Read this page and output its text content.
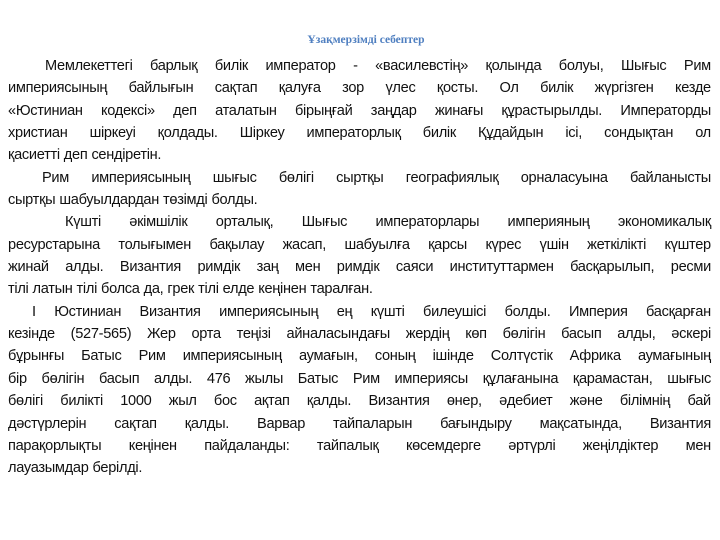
Ұзақмерзімді себептер
Мемлекеттегі барлық билік император - «василевстің» қолында болуы, Шығыс Рим
империясының байлығын сақтап қалуға зор үлес қосты. Ол билік жүргізген кезде
«Юстиниан кодексі» деп аталатын бірыңғай заңдар жинағы құрастырылды. Императорды
христиан шіркеуі қолдады. Шіркеу императорлық билік Құдайдын ісі, сондықтан ол
қасиетті деп сендіретін.
Рим империясының шығыс бөлігі сыртқы географиялық орналасуына байланысты
сыртқы шабуылдардан төзімді болды.
Күшті әкімшілік орталық, Шығыс императорлары империяның экономикалық
ресурстарына толығымен бақылау жасап, шабуылға қарсы күрес үшін жеткілікті күштер
жинай алды. Византия римдік заң мен римдік саяси институттармен басқарылып, ресми
тілі латын тілі болса да, грек тілі елде кеңінен таралған.
I Юстиниан Византия империясының ең күшті билеушісі болды. Империя басқарған
кезінде (527-565) Жер орта теңізі айналасындағы жердің көп бөлігін басып алды, әскері
бұрынғы Батыс Рим империясының аумағын, соның ішінде Солтүстік Африка аумағының
бір бөлігін басып алды. 476 жылы Батыс Рим империясы құлағанына қарамастан, шығыс
бөлігі билікті 1000 жыл бос ақтап қалды. Византия өнер, әдебиет және білімнің бай
дәстүрлерін сақтап қалды. Варвар тайпаларын бағындыру мақсатында, Византия
парақорлықты кеңінен пайдаланды: тайпалық көсемдерге әртүрлі жеңілдіктер мен
лауазымдар берілді.
